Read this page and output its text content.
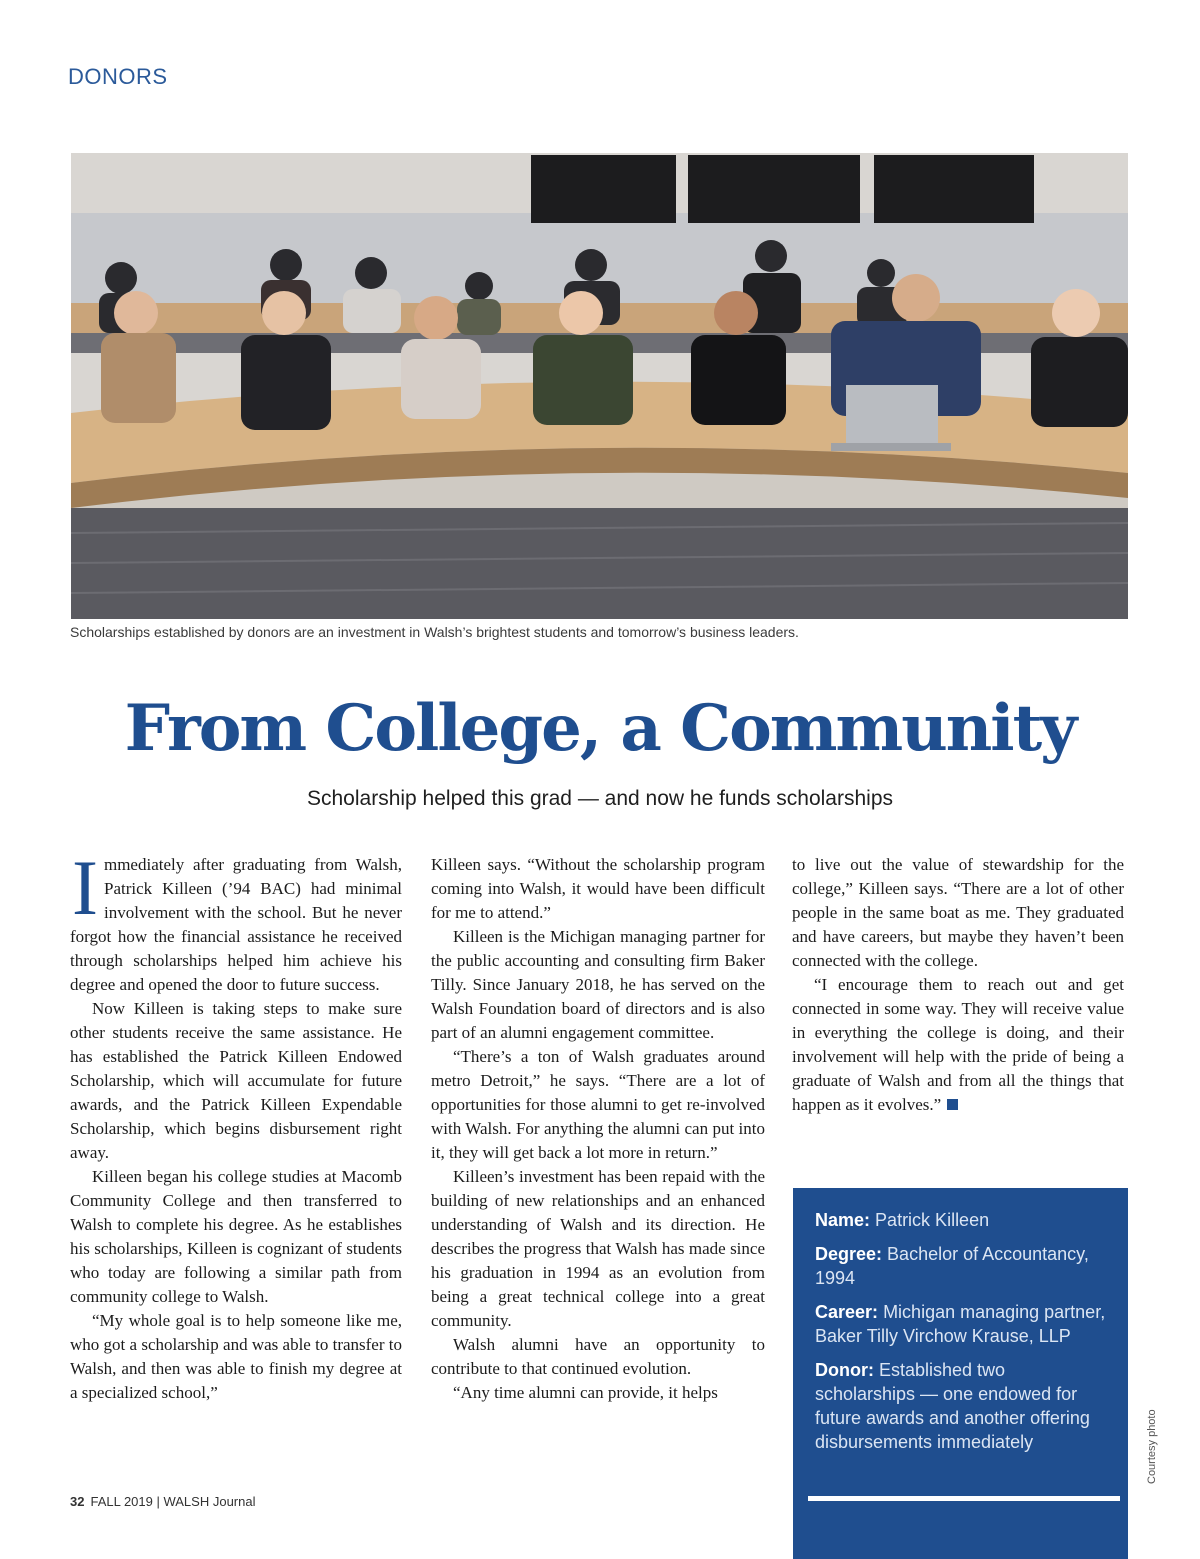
DONORS
Scholarships established by donors are an investment in Walsh’s brightest students and tomorrow’s business leaders.
From College, a Community
Scholarship helped this grad — and now he funds scholarships

Immediately after graduating from Walsh, Patrick Killeen (’94 BAC) had minimal involvement with the school. But he never forgot how the financial assistance he received through scholarships helped him achieve his degree and opened the door to future success.

Now Killeen is taking steps to make sure other students receive the same assistance. He has established the Patrick Killeen Endowed Scholarship, which will accumulate for future awards, and the Patrick Killeen Expendable Scholarship, which begins disbursement right away.

Killeen began his college studies at Macomb Community College and then transferred to Walsh to complete his degree. As he establishes his scholarships, Killeen is cognizant of students who today are following a similar path from community college to Walsh.

“My whole goal is to help someone like me, who got a scholarship and was able to transfer to Walsh, and then was able to finish my degree at a specialized school,”

Killeen says. “Without the scholarship program coming into Walsh, it would have been difficult for me to attend.”

Killeen is the Michigan managing partner for the public accounting and consulting firm Baker Tilly. Since January 2018, he has served on the Walsh Foundation board of directors and is also part of an alumni engagement committee.

“There’s a ton of Walsh graduates around metro Detroit,” he says. “There are a lot of opportunities for those alumni to get re-involved with Walsh. For anything the alumni can put into it, they will get back a lot more in return.”

Killeen’s investment has been repaid with the building of new relationships and an enhanced understanding of Walsh and its direction. He describes the progress that Walsh has made since his graduation in 1994 as an evolution from being a great technical college into a great community.

Walsh alumni have an opportunity to contribute to that continued evolution.

“Any time alumni can provide, it helps

to live out the value of stewardship for the college,” Killeen says. “There are a lot of other people in the same boat as me. They graduated and have careers, but maybe they haven’t been connected with the college.

“I encourage them to reach out and get connected in some way. They will receive value in everything the college is doing, and their involvement will help with the pride of being a graduate of Walsh and from all the things that happen as it evolves.”

Name: Patrick Killeen
Degree: Bachelor of Accountancy, 1994
Career: Michigan managing partner, Baker Tilly Virchow Krause, LLP
Donor: Established two scholarships — one endowed for future awards and another offering disbursements immediately	Courtesy photo
32 FALL 2019 | WALSH Journal
